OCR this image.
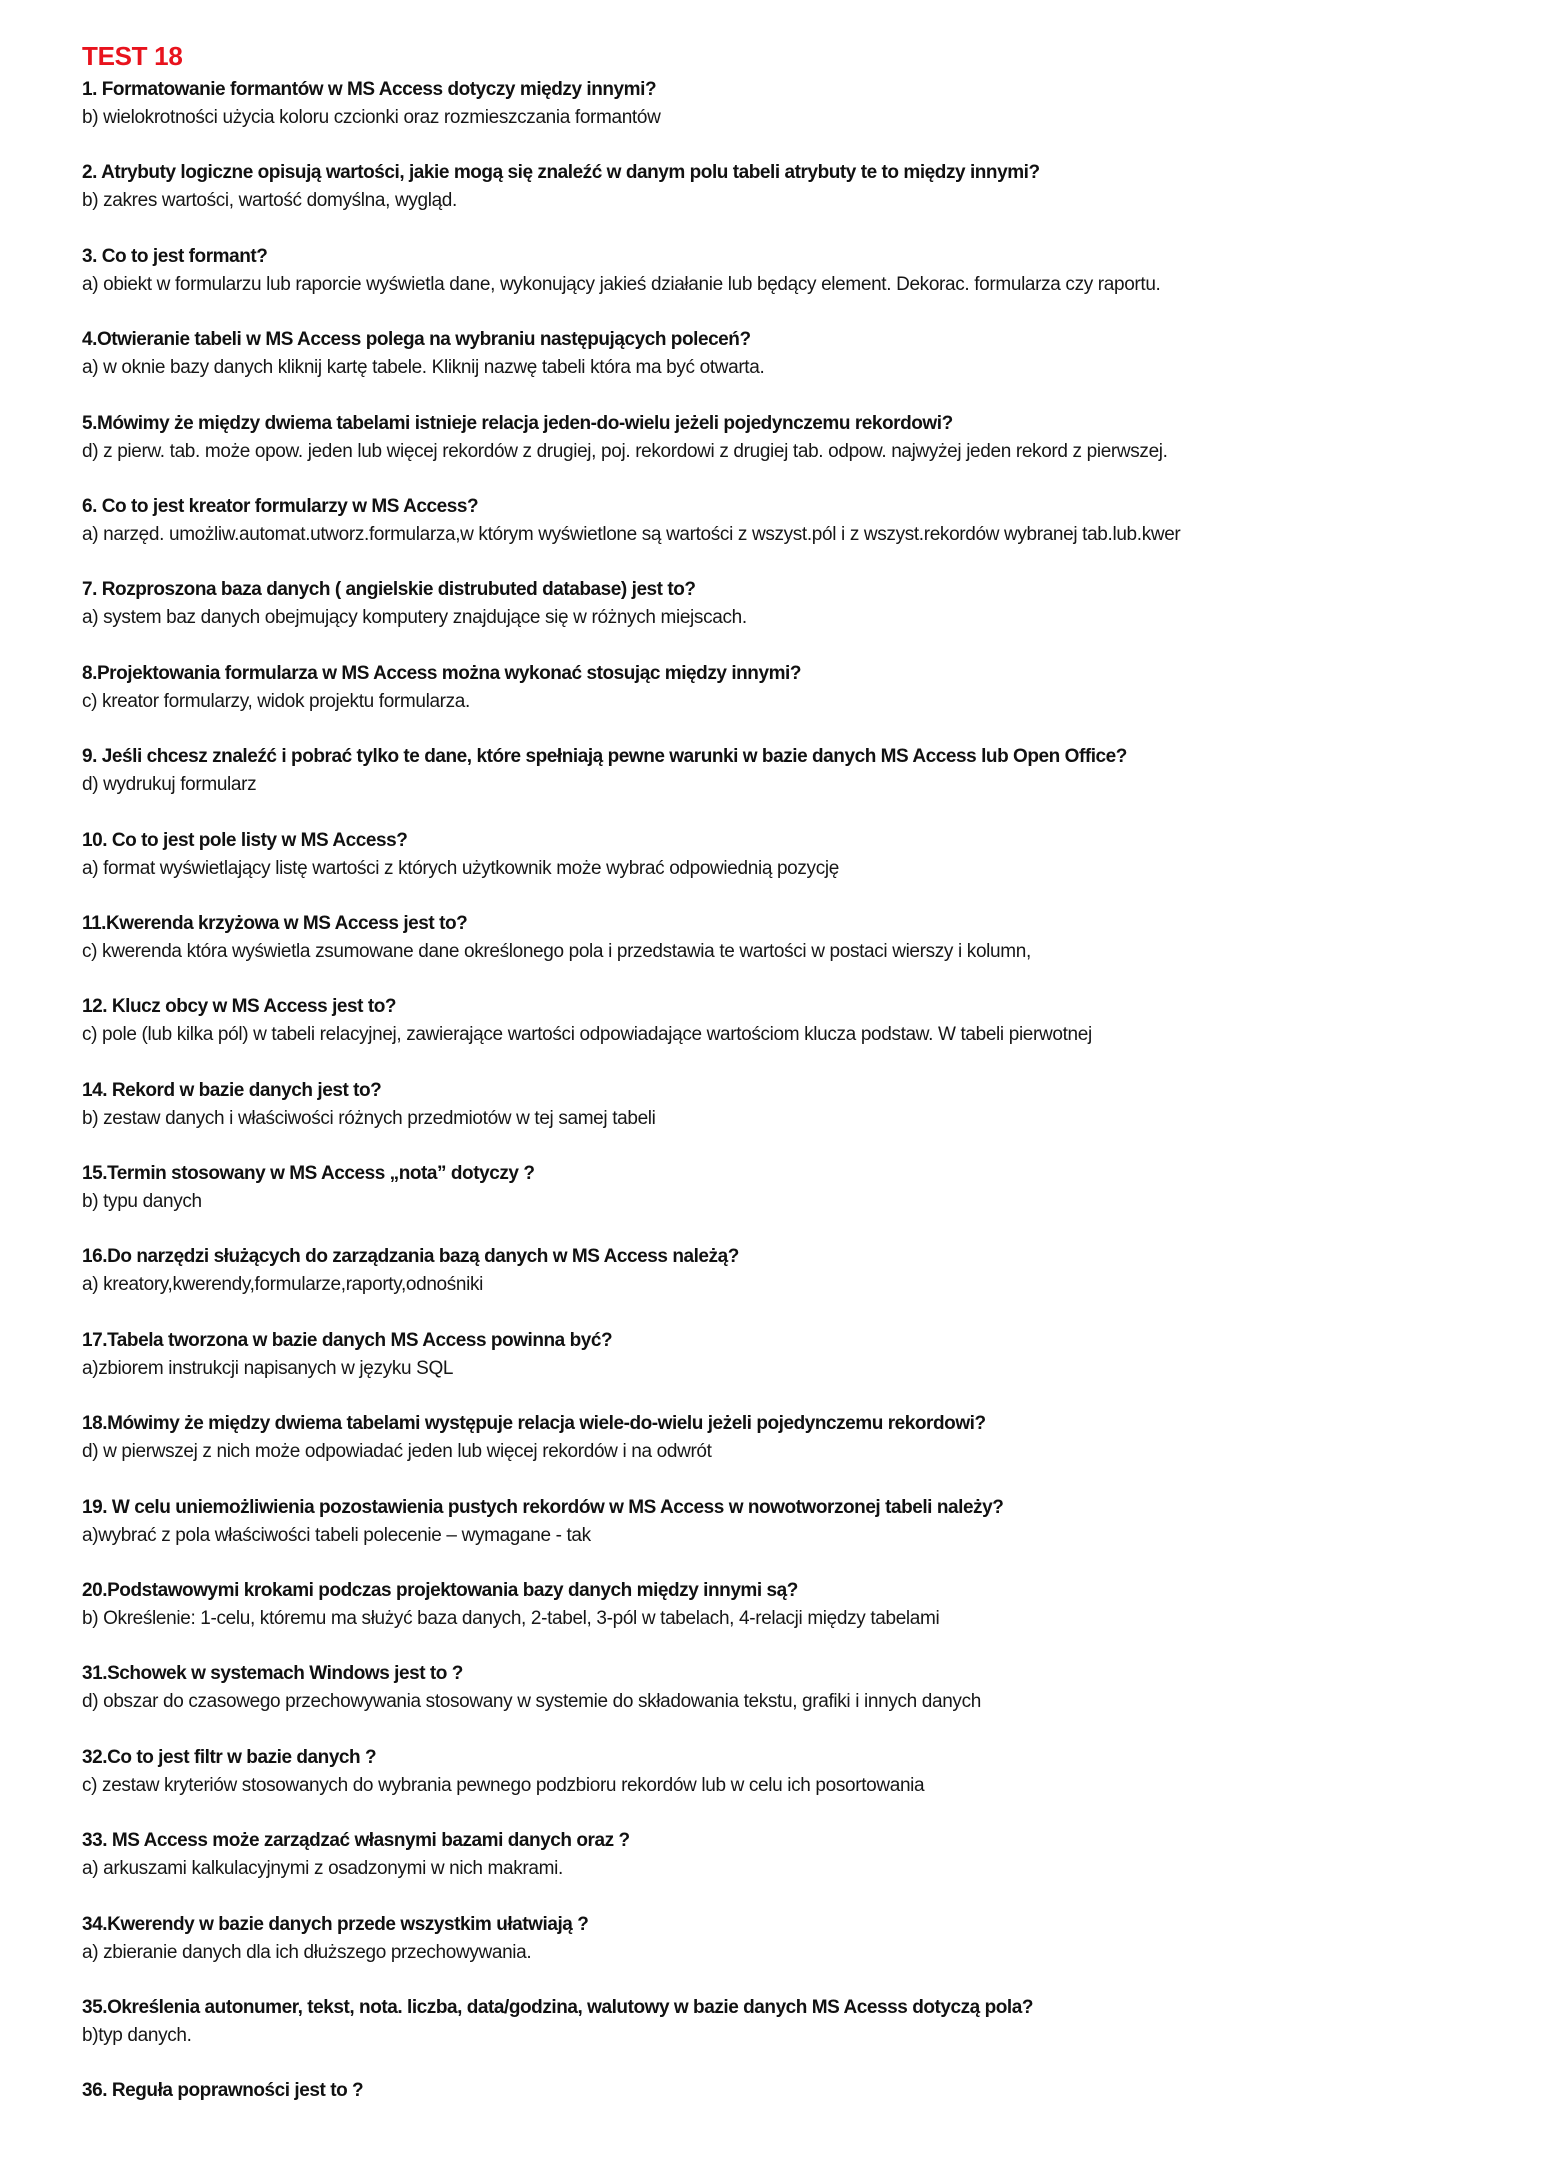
TEST 18
1. Formatowanie formantów w MS Access dotyczy między innymi?
b) wielokrotności użycia koloru czcionki oraz rozmieszczania formantów
2. Atrybuty logiczne opisują wartości, jakie mogą się znaleźć w danym polu tabeli atrybuty te to między innymi?
b) zakres wartości, wartość domyślna, wygląd.
3. Co to jest formant?
a) obiekt w formularzu lub raporcie wyświetla dane, wykonujący jakieś działanie lub będący element. Dekorac. formularza czy raportu.
4.Otwieranie tabeli w MS Access polega na wybraniu następujących poleceń?
a) w oknie bazy danych kliknij kartę tabele. Kliknij nazwę tabeli która ma być otwarta.
5.Mówimy że między dwiema tabelami istnieje relacja jeden-do-wielu jeżeli pojedynczemu rekordowi?
d) z pierw. tab. może opow. jeden lub więcej rekordów z drugiej, poj. rekordowi z drugiej tab. odpow. najwyżej jeden rekord z pierwszej.
6. Co to jest kreator formularzy w MS Access?
a) narzęd. umożliw.automat.utworz.formularza,w którym wyświetlone są wartości z wszyst.pól i z wszyst.rekordów wybranej tab.lub.kwer
7. Rozproszona baza danych ( angielskie distrubuted database) jest to?
a) system baz danych obejmujący komputery znajdujące się w różnych miejscach.
8.Projektowania formularza w MS Access można wykonać stosując między innymi?
c) kreator formularzy, widok projektu formularza.
9. Jeśli chcesz znaleźć i pobrać tylko te dane, które spełniają pewne warunki w bazie danych MS Access lub Open Office?
d) wydrukuj formularz
10. Co to jest pole listy w MS Access?
a) format wyświetlający listę wartości z których użytkownik może wybrać odpowiednią pozycję
11.Kwerenda krzyżowa w MS Access jest to?
c) kwerenda która wyświetla zsumowane dane określonego pola i przedstawia te wartości w postaci wierszy i kolumn,
12. Klucz obcy w MS Access jest to?
c) pole (lub kilka pól) w tabeli relacyjnej, zawierające wartości odpowiadające wartościom klucza podstaw. W tabeli pierwotnej
14. Rekord w bazie danych jest to?
b) zestaw danych i właściwości różnych przedmiotów w tej samej tabeli
15.Termin stosowany w MS Access „nota” dotyczy ?
b) typu danych
16.Do narzędzi służących do zarządzania bazą danych w MS Access należą?
a) kreatory,kwerendy,formularze,raporty,odnośniki
17.Tabela tworzona w bazie danych MS Access powinna być?
a)zbiorem instrukcji napisanych w języku SQL
18.Mówimy że między dwiema tabelami występuje relacja wiele-do-wielu jeżeli pojedynczemu rekordowi?
d) w pierwszej z nich może odpowiadać jeden lub więcej rekordów i na odwrót
19. W celu uniemożliwienia pozostawienia pustych rekordów w MS Access w nowotworzonej tabeli należy?
a)wybrać z pola właściwości tabeli polecenie – wymagane - tak
20.Podstawowymi krokami podczas projektowania bazy danych między innymi są?
b) Określenie: 1-celu, któremu ma służyć baza danych, 2-tabel, 3-pól w tabelach, 4-relacji między tabelami
31.Schowek w systemach Windows jest to ?
d) obszar do czasowego przechowywania stosowany w systemie do składowania tekstu, grafiki i innych danych
32.Co to jest filtr w bazie danych ?
c) zestaw kryteriów stosowanych do wybrania pewnego podzbioru rekordów lub w celu ich posortowania
33. MS Access może zarządzać własnymi bazami danych oraz ?
a) arkuszami kalkulacyjnymi z osadzonymi w nich makrami.
34.Kwerendy w bazie danych przede wszystkim ułatwiają ?
a) zbieranie danych dla ich dłuższego przechowywania.
35.Określenia autonumer, tekst, nota. liczba, data/godzina, walutowy w bazie danych MS Acesss dotyczą pola?
b)typ danych.
36. Reguła poprawności jest to ?
